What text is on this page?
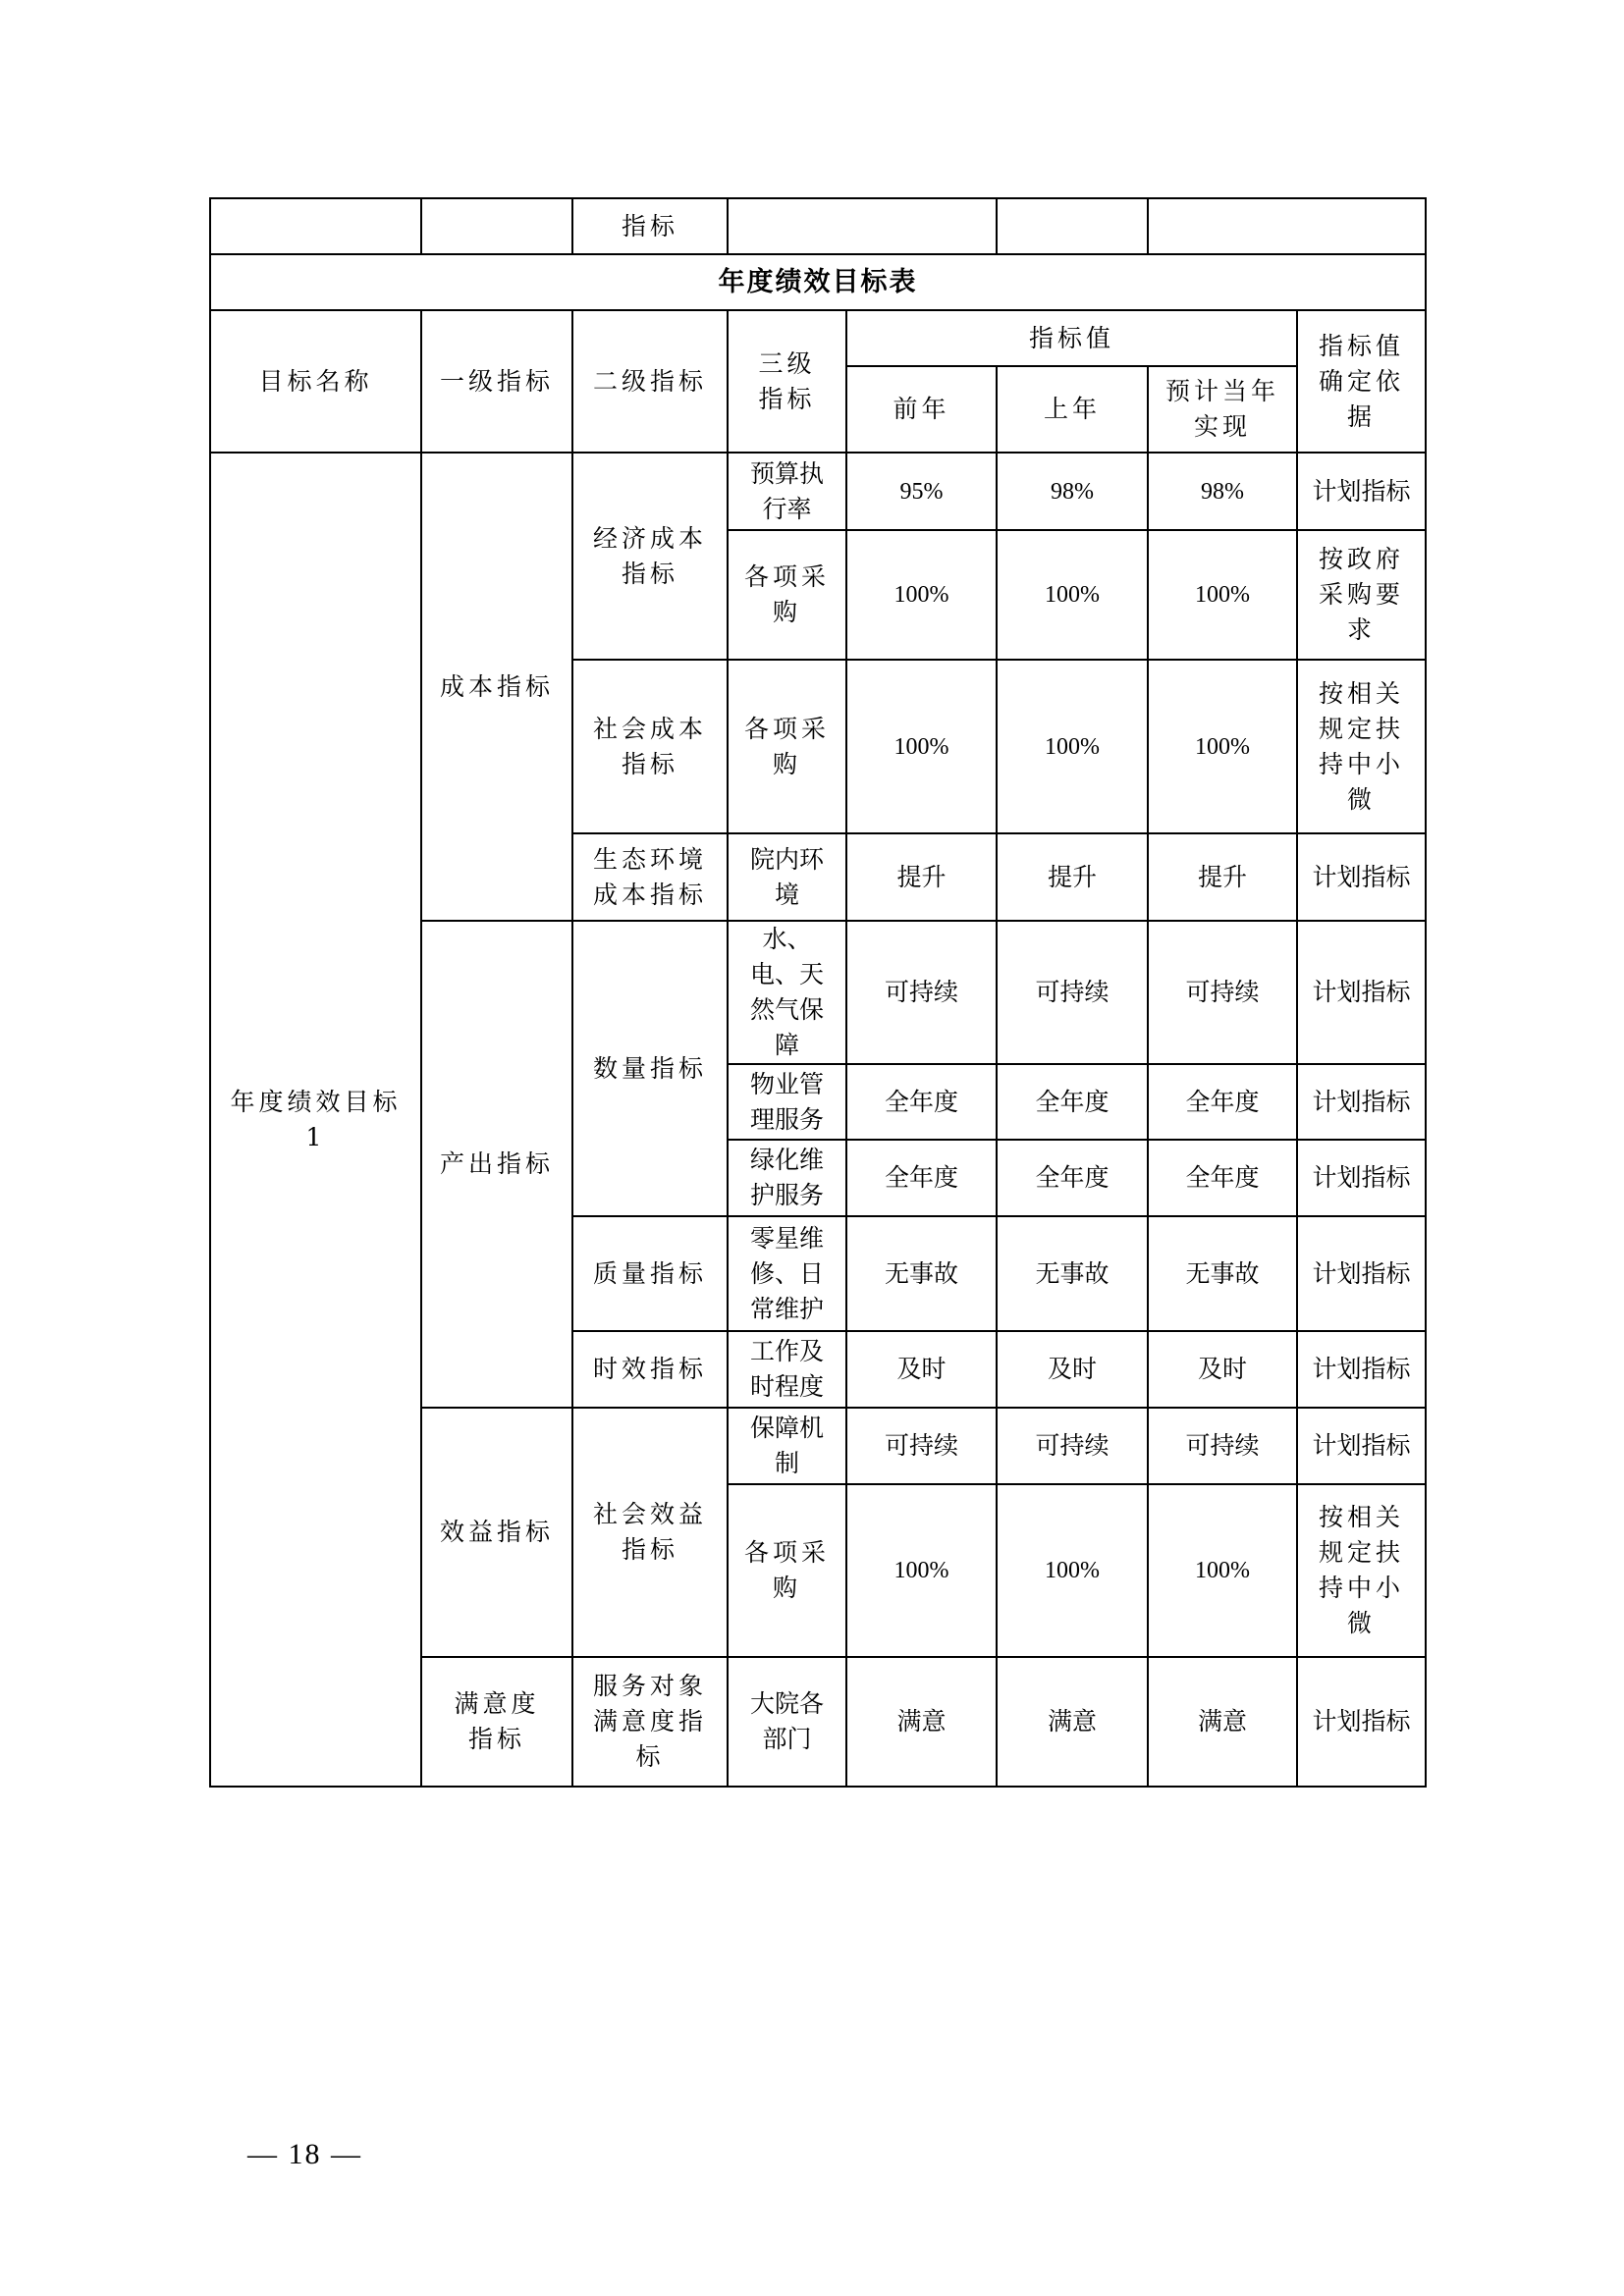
		指标					
年度绩效目标表							
目标名称	一级指标	二级指标	三级指标	指标值			指标值确定依据
				前年	上年	预计当年实现	
年度绩效目标1	成本指标	经济成本指标	预算执行率	95%	98%	98%	计划指标
			各项采购	100%	100%	100%	按政府采购要求
		社会成本指标	各项采购	100%	100%	100%	按相关规定扶持中小微
		生态环境成本指标	院内环境	提升	提升	提升	计划指标
	产出指标	数量指标	水、电、天然气保障	可持续	可持续	可持续	计划指标
			物业管理服务	全年度	全年度	全年度	计划指标
			绿化维护服务	全年度	全年度	全年度	计划指标
		质量指标	零星维修、日常维护	无事故	无事故	无事故	计划指标
		时效指标	工作及时程度	及时	及时	及时	计划指标
	效益指标	社会效益指标	保障机制	可持续	可持续	可持续	计划指标
			各项采购	100%	100%	100%	按相关规定扶持中小微
	满意度指标	服务对象满意度指标	大院各部门	满意	满意	满意	计划指标
— 18 —
